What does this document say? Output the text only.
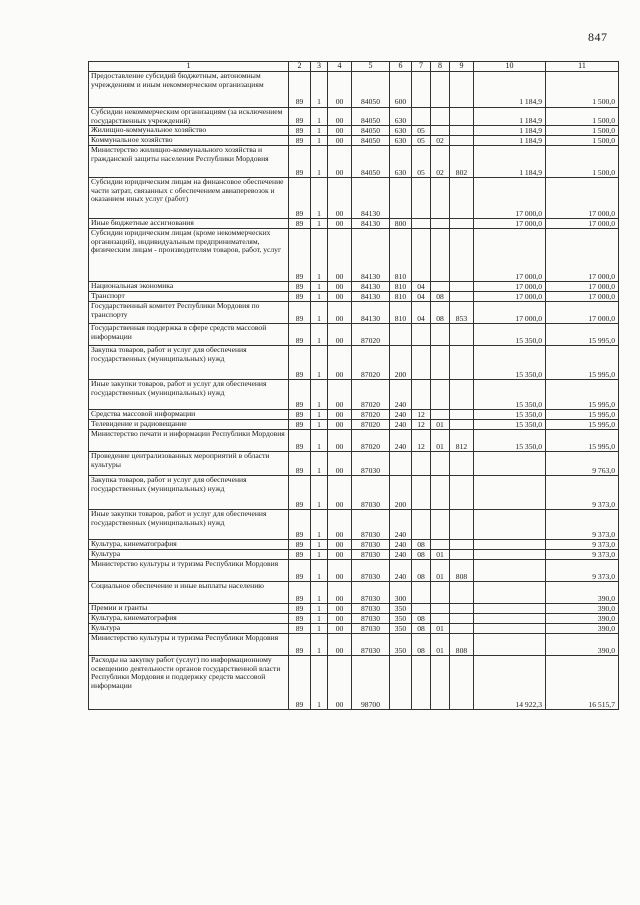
847
1	2	3	4	5	6	7	8	9	10	11
Предоставление субсидий бюджетным, автономным учреждениям и иным некоммерческим организациям	89	1	00	84050	600				1 184,9	1 500,0
Субсидии некоммерческим организациям (за исключением государственных учреждений)	89	1	00	84050	630				1 184,9	1 500,0
Жилищно-коммунальное хозяйство	89	1	00	84050	630	05			1 184,9	1 500,0
Коммунальное хозяйство	89	1	00	84050	630	05	02		1 184,9	1 500,0
Министерство жилищно-коммунального хозяйства и гражданской защиты населения Республики Мордовия	89	1	00	84050	630	05	02	802	1 184,9	1 500,0
Субсидии юридическим лицам на финансовое обеспечение части затрат, связанных с обеспечением авиаперевозок и оказанием иных услуг (работ)	89	1	00	84130					17 000,0	17 000,0
Иные бюджетные ассигнования	89	1	00	84130	800				17 000,0	17 000,0
Субсидии юридическим лицам (кроме некоммерческих организаций), индивидуальным предпринимателям, физическим лицам - производителям товаров, работ, услуг	89	1	00	84130	810				17 000,0	17 000,0
Национальная экономика	89	1	00	84130	810	04			17 000,0	17 000,0
Транспорт	89	1	00	84130	810	04	08		17 000,0	17 000,0
Государственный комитет Республики Мордовия по транспорту	89	1	00	84130	810	04	08	853	17 000,0	17 000,0
Государственная поддержка в сфере средств массовой информации	89	1	00	87020					15 350,0	15 995,0
Закупка товаров, работ и услуг для обеспечения государственных (муниципальных) нужд	89	1	00	87020	200				15 350,0	15 995,0
Иные закупки товаров, работ и услуг для обеспечения государственных (муниципальных) нужд	89	1	00	87020	240				15 350,0	15 995,0
Средства массовой информации	89	1	00	87020	240	12			15 350,0	15 995,0
Телевидение и радиовещание	89	1	00	87020	240	12	01		15 350,0	15 995,0
Министерство печати и информации Республики Мордовия	89	1	00	87020	240	12	01	812	15 350,0	15 995,0
Проведение централизованных мероприятий в области культуры	89	1	00	87030						9 763,0
Закупка товаров, работ и услуг для обеспечения государственных (муниципальных) нужд	89	1	00	87030	200					9 373,0
Иные закупки товаров, работ и услуг для обеспечения государственных (муниципальных) нужд	89	1	00	87030	240					9 373,0
Культура, кинематография	89	1	00	87030	240	08				9 373,0
Культура	89	1	00	87030	240	08	01			9 373,0
Министерство культуры и туризма Республики Мордовия	89	1	00	87030	240	08	01	808		9 373,0
Социальное обеспечение и иные выплаты населению	89	1	00	87030	300					390,0
Премии и гранты	89	1	00	87030	350					390,0
Культура, кинематография	89	1	00	87030	350	08				390,0
Культура	89	1	00	87030	350	08	01			390,0
Министерство культуры и туризма Республики Мордовия	89	1	00	87030	350	08	01	808		390,0
Расходы на закупку работ (услуг) по информационному освещению деятельности органов государственной власти Республики Мордовия и поддержку средств массовой информации	89	1	00	98700					14 922,3	16 515,7
